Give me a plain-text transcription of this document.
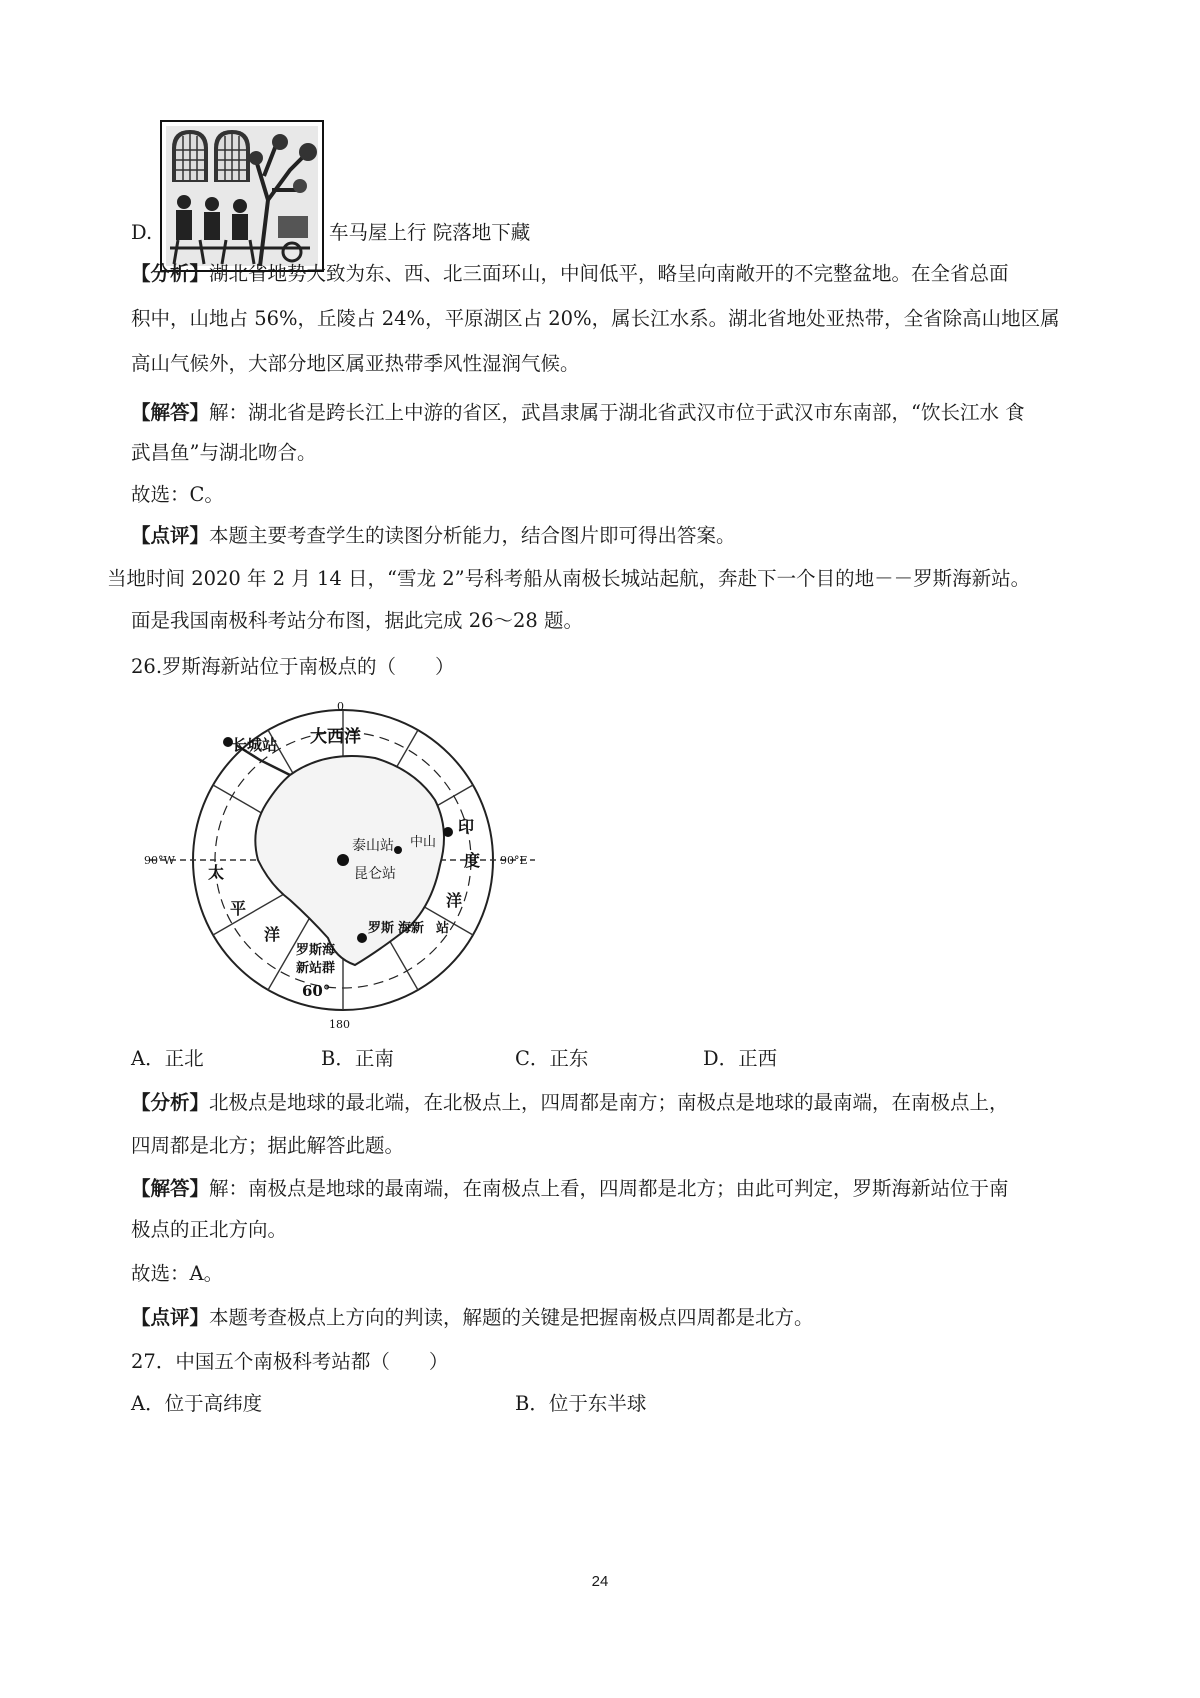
D.	车马屋上行 院落地下藏
【分析】湖北省地势大致为东、西、北三面环山，中间低平，略呈向南敞开的不完整盆地。在全省总面
积中，山地占 56%，丘陵占 24%，平原湖区占 20%，属长江水系。湖北省地处亚热带，全省除高山地区属
高山气候外，大部分地区属亚热带季风性湿润气候。
【解答】解：湖北省是跨长江上中游的省区，武昌隶属于湖北省武汉市位于武汉市东南部，“饮长江水 食
武昌鱼”与湖北吻合。
故选：C。
【点评】本题主要考查学生的读图分析能力，结合图片即可得出答案。
当地时间 2020 年 2 月 14 日，“雪龙 2”号科考船从南极长城站起航，奔赴下一个目的地－－罗斯海新站。
面是我国南极科考站分布图，据此完成 26～28 题。
26.罗斯海新站位于南极点的（　　）
0
180
90°W	90°E
大西洋
长城站
中山
泰山站
昆仑站
印
度
洋
太
平
洋	罗斯 海新 站
罗斯海
新站群
60°
A．正北	B．正南	C．正东	D．正西
【分析】北极点是地球的最北端，在北极点上，四周都是南方；南极点是地球的最南端，在南极点上，
四周都是北方；据此解答此题。
【解答】解：南极点是地球的最南端，在南极点上看，四周都是北方；由此可判定，罗斯海新站位于南
极点的正北方向。
故选：A。
【点评】本题考查极点上方向的判读，解题的关键是把握南极点四周都是北方。
27．中国五个南极科考站都（　　）
A．位于高纬度	B．位于东半球
24
